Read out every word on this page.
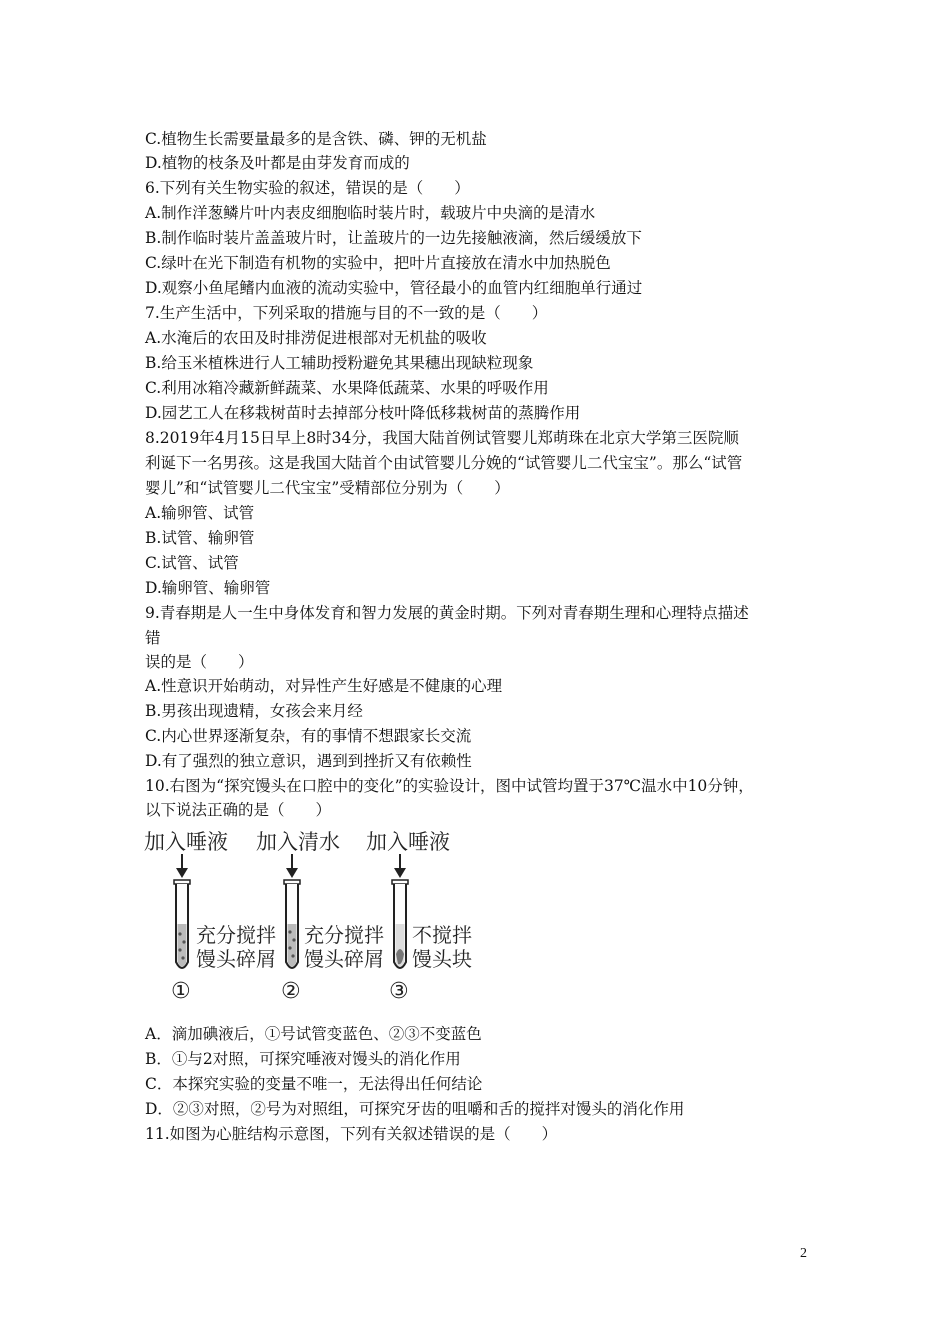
C.植物生长需要量最多的是含铁、磷、钾的无机盐
D.植物的枝条及叶都是由芽发育而成的
6.下列有关生物实验的叙述，错误的是（　　）
A.制作洋葱鳞片叶内表皮细胞临时装片时，载玻片中央滴的是清水
B.制作临时装片盖盖玻片时，让盖玻片的一边先接触液滴，然后缓缓放下
C.绿叶在光下制造有机物的实验中，把叶片直接放在清水中加热脱色
D.观察小鱼尾鳍内血液的流动实验中，管径最小的血管内红细胞单行通过
7.生产生活中，下列采取的措施与目的不一致的是（　　）
A.水淹后的农田及时排涝促进根部对无机盐的吸收
B.给玉米植株进行人工辅助授粉避免其果穗出现缺粒现象
C.利用冰箱冷藏新鲜蔬菜、水果降低蔬菜、水果的呼吸作用
D.园艺工人在移栽树苗时去掉部分枝叶降低移栽树苗的蒸腾作用
8.2019年4月15日早上8时34分，我国大陆首例试管婴儿郑萌珠在北京大学第三医院顺
利诞下一名男孩。这是我国大陆首个由试管婴儿分娩的“试管婴儿二代宝宝”。那么“试管
婴儿”和“试管婴儿二代宝宝”受精部位分别为（　　）
A.输卵管、试管
B.试管、输卵管
C.试管、试管
D.输卵管、输卵管
9.青春期是人一生中身体发育和智力发展的黄金时期。下列对青春期生理和心理特点描述
错
误的是（　　）
A.性意识开始萌动，对异性产生好感是不健康的心理
B.男孩出现遗精，女孩会来月经
C.内心世界逐渐复杂，有的事情不想跟家长交流
D.有了强烈的独立意识，遇到到挫折又有依赖性
10.右图为“探究馒头在口腔中的变化”的实验设计，图中试管均置于37℃温水中10分钟，
以下说法正确的是（　　）
A．滴加碘液后，①号试管变蓝色、②③不变蓝色
B．①与2对照，可探究唾液对馒头的消化作用
C．本探究实验的变量不唯一，无法得出任何结论
D．②③对照，②号为对照组，可探究牙齿的咀嚼和舌的搅拌对馒头的消化作用
11.如图为心脏结构示意图，下列有关叙述错误的是（　　）
加入唾液
充分搅拌
馒头碎屑
①
加入清水
充分搅拌
馒头碎屑
②
加入唾液
不搅拌
馒头块
③
2
